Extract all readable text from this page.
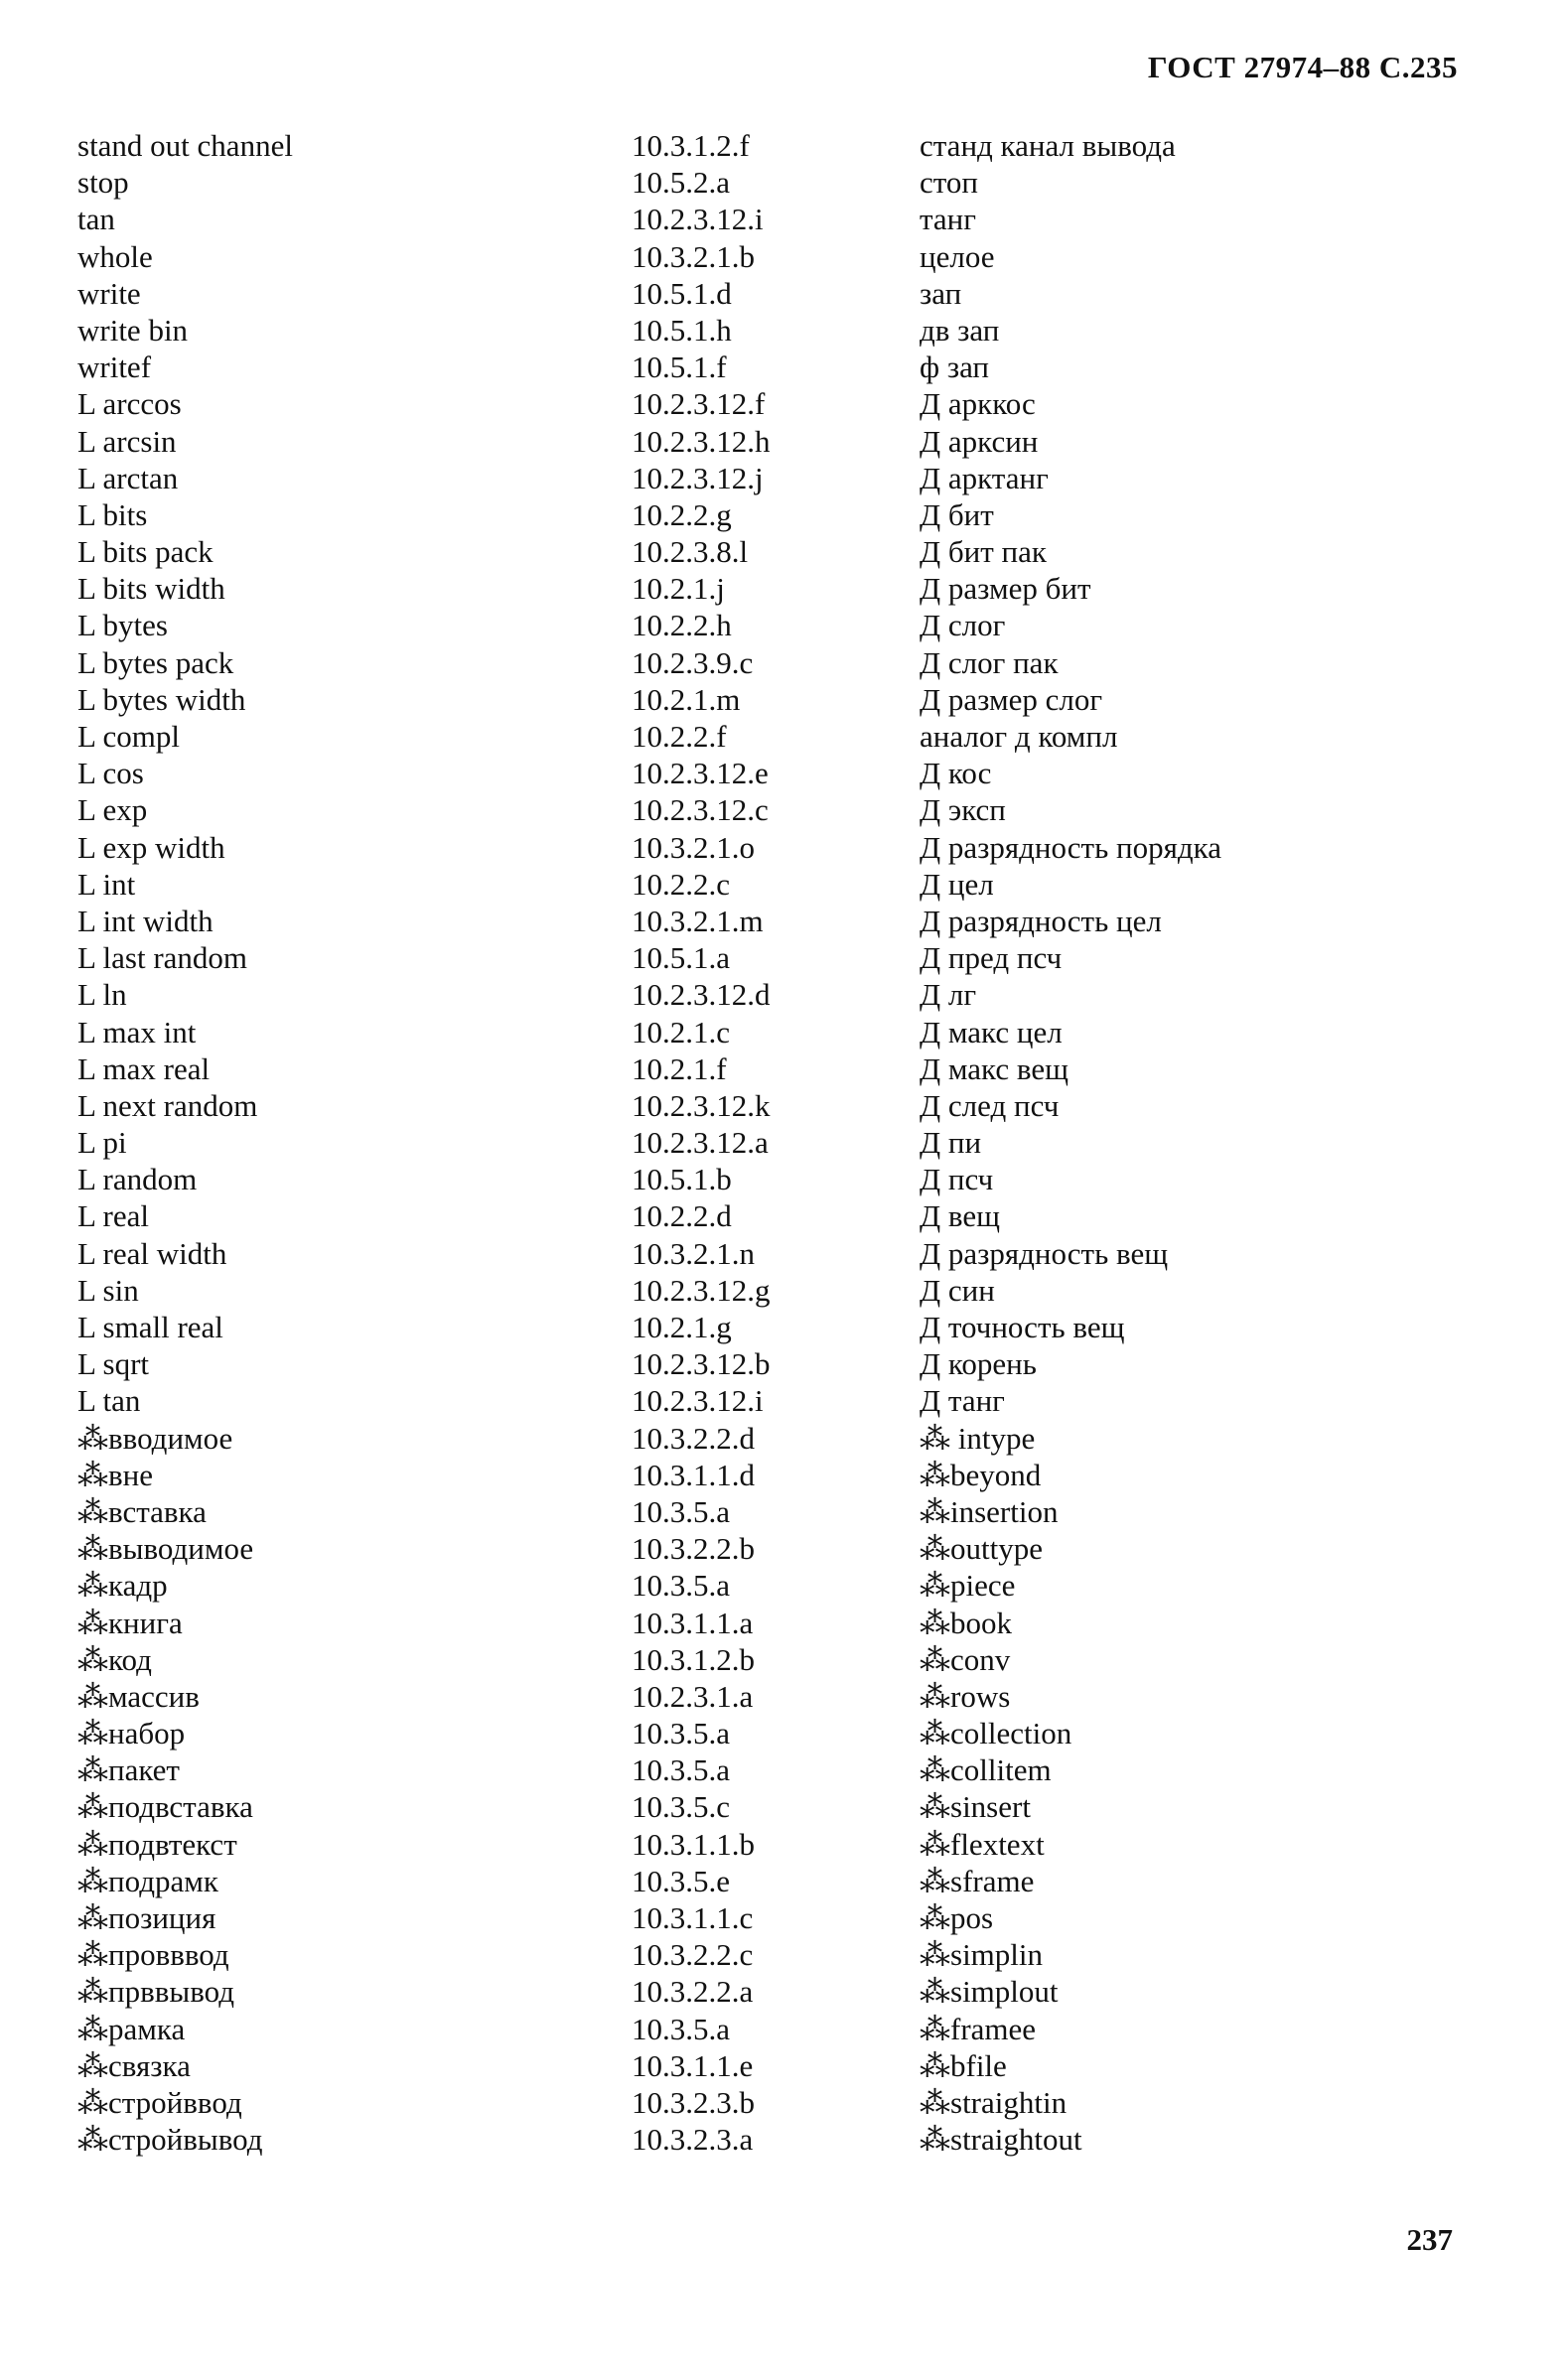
ГОСТ 27974–88 С.235
stand out channel	10.3.1.2.f	станд канал вывода
stop	10.5.2.a	стоп
tan	10.2.3.12.i	танг
whole	10.3.2.1.b	целое
write	10.5.1.d	зап
write bin	10.5.1.h	дв зап
writef	10.5.1.f	ф зап
L arccos	10.2.3.12.f	Д арккос
L arcsin	10.2.3.12.h	Д арксин
L arctan	10.2.3.12.j	Д арктанг
L bits	10.2.2.g	Д бит
L bits pack	10.2.3.8.l	Д бит пак
L bits width	10.2.1.j	Д размер бит
L bytes	10.2.2.h	Д слог
L bytes pack	10.2.3.9.c	Д слог пак
L bytes width	10.2.1.m	Д размер слог
L compl	10.2.2.f	аналог д компл
L cos	10.2.3.12.e	Д кос
L exp	10.2.3.12.c	Д эксп
L exp width	10.3.2.1.o	Д разрядность порядка
L int	10.2.2.c	Д цел
L int width	10.3.2.1.m	Д разрядность цел
L last random	10.5.1.a	Д пред псч
L ln	10.2.3.12.d	Д лг
L max int	10.2.1.c	Д макс цел
L max real	10.2.1.f	Д макс вещ
L next random	10.2.3.12.k	Д след псч
L pi	10.2.3.12.a	Д пи
L random	10.5.1.b	Д псч
L real	10.2.2.d	Д вещ
L real width	10.3.2.1.n	Д разрядность вещ
L sin	10.2.3.12.g	Д син
L small real	10.2.1.g	Д точность вещ
L sqrt	10.2.3.12.b	Д корень
L tan	10.2.3.12.i	Д танг
⁂вводимое	10.3.2.2.d	⁂ intype
⁂вне	10.3.1.1.d	⁂beyond
⁂вставка	10.3.5.a	⁂insertion
⁂выводимое	10.3.2.2.b	⁂outtype
⁂кадр	10.3.5.a	⁂piece
⁂книга	10.3.1.1.a	⁂book
⁂код	10.3.1.2.b	⁂conv
⁂массив	10.2.3.1.a	⁂rows
⁂набор	10.3.5.a	⁂collection
⁂пакет	10.3.5.a	⁂collitem
⁂подвставка	10.3.5.c	⁂sinsert
⁂подвтекст	10.3.1.1.b	⁂flextext
⁂подрамк	10.3.5.e	⁂sframe
⁂позиция	10.3.1.1.c	⁂pos
⁂провввод	10.3.2.2.c	⁂simplin
⁂прввывод	10.3.2.2.a	⁂simplout
⁂рамка	10.3.5.a	⁂framee
⁂связка	10.3.1.1.e	⁂bfile
⁂стройввод	10.3.2.3.b	⁂straightin
⁂стройвывод	10.3.2.3.a	⁂straightout
237
